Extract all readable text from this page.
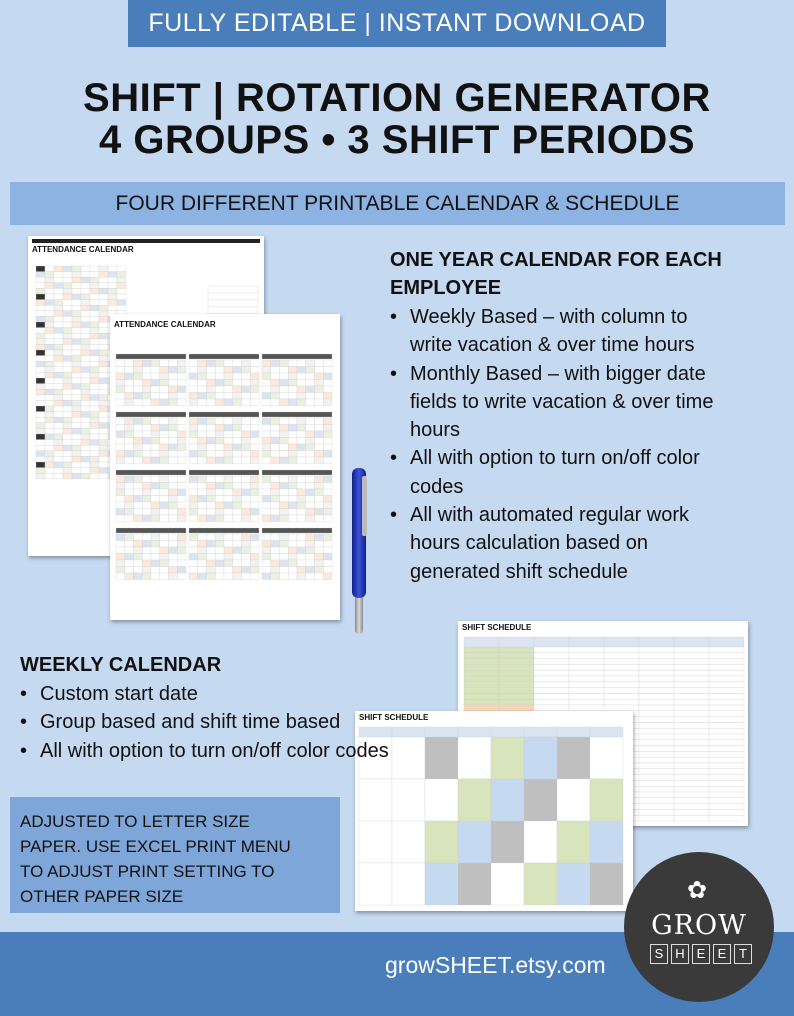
FULLY EDITABLE | INSTANT DOWNLOAD
SHIFT | ROTATION GENERATOR
4 GROUPS • 3 SHIFT PERIODS
FOUR DIFFERENT PRINTABLE CALENDAR & SCHEDULE
ATTENDANCE CALENDAR
ATTENDANCE CALENDAR
SHIFT SCHEDULE
SHIFT SCHEDULE
ONE YEAR CALENDAR FOR EACH
EMPLOYEE
• Weekly Based – with column to
write vacation & over time hours
• Monthly Based – with bigger date
fields to write vacation & over time
hours
• All with option to turn on/off color
codes
• All with automated regular work
hours calculation based on
generated shift schedule
WEEKLY CALENDAR
• Custom start date
• Group based and shift time based
• All with option to turn on/off color codes
ADJUSTED TO LETTER SIZE
PAPER. USE EXCEL PRINT MENU
TO ADJUST PRINT SETTING TO
OTHER PAPER SIZE
growSHEET.etsy.com
✿
GROW
S H E E T
